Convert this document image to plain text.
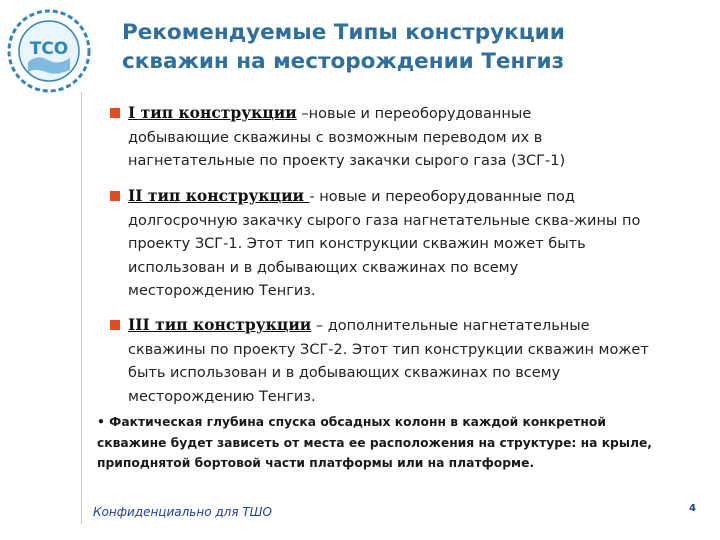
ТСО
Рекомендуемые Типы конструкции
скважин на месторождении Тенгиз
I тип конструкции –новые и переоборудованные
добывающие скважины с возможным переводом их в
нагнетательные по проекту закачки сырого газа (ЗСГ-1)
II тип конструкции - новые и переоборудованные под
долгосрочную закачку сырого газа нагнетательные сква-жины по
проекту ЗСГ-1. Этот тип конструкции скважин может быть
использован и в добывающих скважинах по всему
месторождению Тенгиз.
III тип конструкции – дополнительные нагнетательные
скважины по проекту ЗСГ-2. Этот тип конструкции скважин может
быть использован и в добывающих скважинах по всему
месторождению Тенгиз.
• Фактическая глубина спуска обсадных колонн в каждой конкретной
скважине будет зависеть от места ее расположения на структуре: на крыле,
приподнятой бортовой части платформы или на платформе.
Конфиденциально для ТШО	4
